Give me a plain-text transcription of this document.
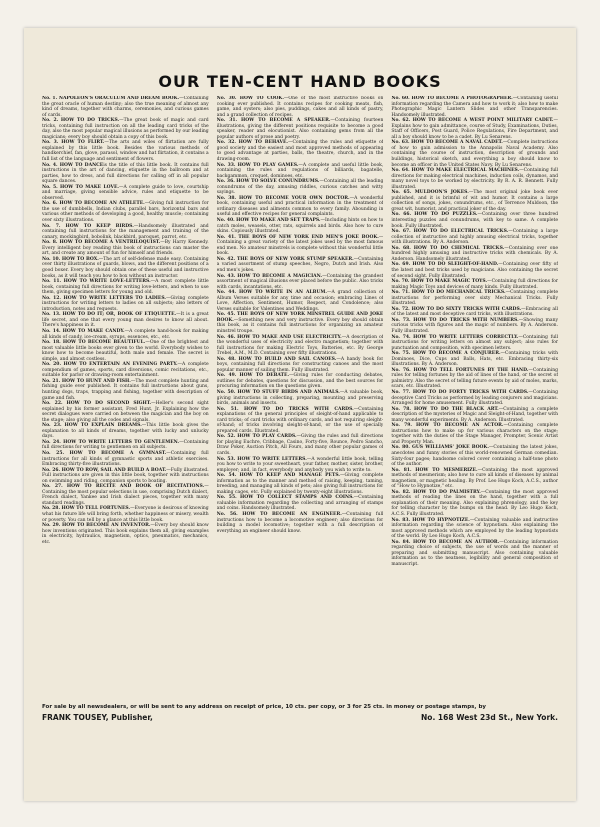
OUR TEN-CENT HAND BOOKS

No. 1. NAPOLEON'S ORACULUM AND DREAM BOOK.—Containing the great oracle of human destiny; also the true meaning of almost any kind of dreams, together with charms, ceremonies, and curious games of cards.

No. 2. HOW TO DO TRICKS.—The great book of magic and card tricks, containing full instruction on all the leading card tricks of the day, also the most popular magical illusions as performed by our leading magicians; every boy should obtain a copy of this book.

No. 3. HOW TO FLIRT.—The arts and wiles of flirtation are fully explained by this little book. Besides the various methods of handkerchief, fan, glove, parasol, window and hat flirtation, it contains a full list of the language and sentiment of flowers.

No. 4. HOW TO DANCEis the title of this little book. It contains full instructions in the art of dancing, etiquette in the ballroom and at parties, how to dress, and full directions for calling off in all popular square dances.

No. 5. HOW TO MAKE LOVE.—A complete guide to love, courtship and marriage, giving sensible advice, rules and etiquette to be observed.

No. 6. HOW TO BECOME AN ATHLETE.—Giving full instruction for the use of dumbbells, Indian clubs, parallel bars, horizontal bars and various other methods of developing a good, healthy muscle; containing over sixty illustrations.

No. 7. HOW TO KEEP BIRDS.—Handsomely illustrated and containing full instructions for the management and training of the canary, mockingbird, bobolink, blackbird, paroquet, parrot, etc.

No. 8. HOW TO BECOME A VENTRILOQUIST.—By Harry Kennedy. Every intelligent boy reading this book of instructions can master the art, and create any amount of fun for himself and friends.

No. 10. HOW TO BOX.—The art of self-defense made easy. Containing over thirty illustrations of guards, blows, and the different positions of a good boxer. Every boy should obtain one of these useful and instructive books, as it will teach you how to box without an instructor.

No. 11. HOW TO WRITE LOVE-LETTERS.—A most complete little book, containing full directions for writing love-letters, and when to use them, giving specimen letters for young and old.

No. 12. HOW TO WRITE LETTERS TO LADIES.—Giving complete instructions for writing letters to ladies on all subjects; also letters of introduction, notes and requests.

No. 13. HOW TO DO IT; OR, BOOK OF ETIQUETTE.—It is a great life secret, and one that every young man desires to know all about. There's happiness in it.

No. 14. HOW TO MAKE CANDY.—A complete hand-book for making all kinds of candy, ice-cream, syrups, essences, etc., etc.

No. 18. HOW TO BECOME BEAUTIFUL.—One of the brightest and most valuable little books ever given to the world. Everybody wishes to know how to become beautiful, both male and female. The secret is simple, and almost costless.

No. 20. HOW TO ENTERTAIN AN EVENING PARTY.—A complete compendium of games, sports, card diversions, comic recitations, etc., suitable for parlor or drawing-room entertainment.

No. 21. HOW TO HUNT AND FISH.—The most complete hunting and fishing guide ever published. It contains full instructions about guns, hunting dogs, traps, trapping and fishing, together with description of game and fish.

No. 22. HOW TO DO SECOND SIGHT.—Heller's second sight explained by his former assistant, Fred Hunt, Jr. Explaining how the secret dialogues were carried on between the magician and the boy on the stage; also giving all the codes and signals.

No. 23. HOW TO EXPLAIN DREAMS.—This little book gives the explanation to all kinds of dreams, together with lucky and unlucky days.

No. 24. HOW TO WRITE LETTERS TO GENTLEMEN.—Containing full directions for writing to gentlemen on all subjects.

No. 25. HOW TO BECOME A GYMNAST.—Containing full instructions for all kinds of gymnastic sports and athletic exercises. Embracing thirty-five illustrations.

No. 26. HOW TO ROW, SAIL AND BUILD A BOAT.—Fully illustrated. Full instructions are given in this little book, together with instructions on swimming and riding, companion sports to boating.

No. 27. HOW TO RECITE AND BOOK OF RECITATIONS.—Containing the most popular selections in use, comprising Dutch dialect, French dialect, Yankee and Irish dialect pieces, together with many standard readings.

No. 28. HOW TO TELL FORTUNES.—Everyone is desirous of knowing what his future life will bring forth, whether happiness or misery, wealth or poverty. You can tell by a glance at this little book.

No. 29. HOW TO BECOME AN INVENTOR.—Every boy should know how inventions originated. This book explains them all, giving examples in electricity, hydraulics, magnetism, optics, pneumatics, mechanics, etc.

No. 30. HOW TO COOK.—One of the most instructive books on cooking ever published. It contains recipes for cooking meats, fish, game, and oysters; also pies, puddings, cakes and all kinds of pastry, and a grand collection of recipes.

No. 31. HOW TO BECOME A SPEAKER.—Containing fourteen illustrations, giving the different positions requisite to become a good speaker, reader and elocutionist. Also containing gems from all the popular authors of prose and poetry.

No. 32. HOW TO BEHAVE.—Containing the rules and etiquette of good society and the easiest and most approved methods of appearing to good advantage at parties, balls, the theatre, church, and in the drawing-room.

No. 33. HOW TO PLAY GAMES.—A complete and useful little book, containing the rules and regulations of billiards, bagatelle, backgammon, croquet, dominoes, etc.

No. 36. HOW TO SOLVE CONUNDRUMS.—Containing all the leading conundrums of the day, amusing riddles, curious catches and witty sayings.

No. 38. HOW TO BECOME YOUR OWN DOCTOR.—A wonderful book, containing useful and practical information in the treatment of ordinary diseases and ailments common to every family. Abounding in useful and effective recipes for general complaints.

No. 40. HOW TO MAKE AND SET TRAPS.—Including hints on how to catch moles, weasels, otter, rats, squirrels and birds. Also how to cure skins. Copiously illustrated.

No. 41. THE BOYS OF NEW YORK END MEN'S JOKE BOOK.—Containing a great variety of the latest jokes used by the most famous end men. No amateur minstrels is complete without this wonderful little book.

No. 42. THE BOYS OF NEW YORK STUMP SPEAKER.—Containing a varied assortment of stump speeches, Negro, Dutch and Irish. Also end men's jokes.

No. 43. HOW TO BECOME A MAGICIAN.—Containing the grandest assortment of magical illusions ever placed before the public. Also tricks with cards, incantations, etc.

No. 44. HOW TO WRITE IN AN ALBUM.—A grand collection of Album Verses suitable for any time and occasion; embracing Lines of Love, Affection, Sentiment, Humor, Respect, and Condolence; also Verses suitable for Valentines and Weddings.

No. 45. THE BOYS OF NEW YORK MINSTREL GUIDE AND JOKE BOOK.—Something new and very instructive. Every boy should obtain this book, as it contains full instructions for organizing an amateur minstrel troupe.

No. 46. HOW TO MAKE AND USE ELECTRICITY.—A description of the wonderful uses of electricity and electro magnetism; together with full instructions for making Electric Toys, Batteries, etc. By George Trebel, A.M., M.D. Containing over fifty illustrations.

No. 48. HOW TO BUILD AND SAIL CANOES.—A handy book for boys, containing full directions for constructing canoes and the most popular manner of sailing them. Fully illustrated.

No. 49. HOW TO DEBATE.—Giving rules for conducting debates, outlines for debates, questions for discussion, and the best sources for procuring information on the questions given.

No. 50. HOW TO STUFF BIRDS AND ANIMALS.—A valuable book, giving instructions in collecting, preparing, mounting and preserving birds, animals and insects.

No. 51. HOW TO DO TRICKS WITH CARDS.—Containing explanations of the general principles of sleight-of-hand applicable to card tricks; of card tricks with ordinary cards, and not requiring sleight-of-hand; of tricks involving sleight-of-hand, or the use of specially prepared cards. Illustrated.

No. 52. HOW TO PLAY CARDS.—Giving the rules and full directions for playing Euchre, Cribbage, Casino, Forty-five, Rounce, Pedro Sancho, Draw Poker, Auction Pitch, All Fours, and many other popular games of cards.

No. 53. HOW TO WRITE LETTERS.—A wonderful little book, telling you how to write to your sweetheart, your father, mother, sister, brother, employer; and, in fact, everybody and anybody you wish to write to.

No. 54. HOW TO KEEP AND MANAGE PETS.—Giving complete information as to the manner and method of raising, keeping, taming, breeding, and managing all kinds of pets; also giving full instructions for making cages, etc. Fully explained by twenty-eight illustrations.

No. 55. HOW TO COLLECT STAMPS AND COINS.—Containing valuable information regarding the collecting and arranging of stamps and coins. Handsomely illustrated.

No. 56. HOW TO BECOME AN ENGINEER.—Containing full instructions how to become a locomotive engineer; also directions for building a model locomotive; together with a full description of everything an engineer should know.

No. 60. HOW TO BECOME A PHOTOGRAPHER.—Containing useful information regarding the Camera and how to work it; also how to make Photographic Magic Lantern Slides and other Transparencies. Handsomely illustrated.

No. 62. HOW TO BECOME A WEST POINT MILITARY CADET.—Explains how to gain admittance, course of Study, Examinations, Duties, Staff of Officers, Post Guard, Police Regulations, Fire Department, and all a boy should know to be a cadet. By Lu Senarens.

No. 63. HOW TO BECOME A NAVAL CADET.—Complete instructions of how to gain admission to the Annapolis Naval Academy. Also containing the course of instruction, description of grounds and buildings, historical sketch, and everything a boy should know to become an officer in the United States Navy. By Lu Senarens.

No. 64. HOW TO MAKE ELECTRICAL MACHINES.—Containing full directions for making electrical machines, induction coils, dynamos, and many novel toys to be worked by electricity. By R. A. R. Bennett. Fully illustrated.

No. 65. MULDOON'S JOKES.—The most original joke book ever published, and it is brimful of wit and humor. It contains a large collection of songs, jokes, conundrums, etc., of Terrence Muldoon, the great wit, humorist, and practical joker of the day.

No. 66. HOW TO DO PUZZLES.—Containing over three hundred interesting puzzles and conundrums, with key to same. A complete book. Fully illustrated.

No. 67. HOW TO DO ELECTRICAL TRICKS.—Containing a large collection of instructive and highly amusing electrical tricks, together with illustrations. By A. Anderson.

No. 68. HOW TO DO CHEMICAL TRICKS.—Containing over one hundred highly amusing and instructive tricks with chemicals. By A. Anderson. Handsomely illustrated.

No. 69. HOW TO DO SLEIGHT-OF-HAND.—Containing over fifty of the latest and best tricks used by magicians. Also containing the secret of second sight. Fully illustrated.

No. 70. HOW TO MAKE MAGIC TOYS.—Containing full directions for making Magic Toys and devices of many kinds. Fully illustrated.

No. 71. HOW TO DO MECHANICAL TRICKS.—Containing complete instructions for performing over sixty Mechanical Tricks. Fully illustrated.

No. 72. HOW TO DO SIXTY TRICKS WITH CARDS.—Embracing all of the latest and most deceptive card tricks, with illustrations.

No. 73. HOW TO DO TRICKS WITH NUMBERS.—Showing many curious tricks with figures and the magic of numbers. By A. Anderson. Fully illustrated.

No. 74. HOW TO WRITE LETTERS CORRECTLY.—Containing full instructions for writing letters on almost any subject; also rules for punctuation and composition, with specimen letters.

No. 75. HOW TO BECOME A CONJURER.—Containing tricks with Dominoes, Dice, Cups and Balls, Hats, etc. Embracing thirty-six illustrations. By A. Anderson.

No. 76. HOW TO TELL FORTUNES BY THE HAND.—Containing rules for telling fortunes by the aid of lines of the hand, or the secret of palmistry. Also the secret of telling future events by aid of moles, marks, scars, etc. Illustrated.

No. 77. HOW TO DO FORTY TRICKS WITH CARDS.—Containing deceptive Card Tricks as performed by leading conjurers and magicians. Arranged for home amusement. Fully illustrated.

No. 78. HOW TO DO THE BLACK ART.—Containing a complete description of the mysteries of Magic and Sleight-of-Hand, together with many wonderful experiments. By A. Anderson. Illustrated.

No. 79. HOW TO BECOME AN ACTOR.—Containing complete instructions how to make up for various characters on the stage; together with the duties of the Stage Manager, Prompter, Scenic Artist and Property Man.

No. 80. GUS WILLIAMS' JOKE BOOK.—Containing the latest jokes, anecdotes and funny stories of this world-renowned German comedian. Sixty-four pages; handsome colored cover containing a half-tone photo of the author.

No. 81. HOW TO MESMERIZE.—Containing the most approved methods of mesmerism; also how to cure all kinds of diseases by animal magnetism, or magnetic healing. By Prof. Leo Hugo Koch, A.C.S., author of "How to Hypnotize," etc.

No. 82. HOW TO DO PALMISTRY.—Containing the most approved methods of reading the lines on the hand, together with a full explanation of their meaning. Also explaining phrenology, and the key for telling character by the bumps on the head. By Leo Hugo Koch, A.C.S. Fully illustrated.

No. 83. HOW TO HYPNOTIZE.—Containing valuable and instructive information regarding the science of hypnotism. Also explaining the most approved methods which are employed by the leading hypnotists of the world. By Leo Hugo Koch, A.C.S.

No. 84. HOW TO BECOME AN AUTHOR.—Containing information regarding choice of subjects, the use of words and the manner of preparing and submitting manuscript. Also containing valuable information as to the neatness, legibility and general composition of manuscript.

For sale by all newsdealers, or will be sent to any address on receipt of price, 10 cts. per copy, or 3 for 25 cts. in money or postage stamps, by
FRANK TOUSEY, Publisher,	No. 168 West 23d St., New York.
